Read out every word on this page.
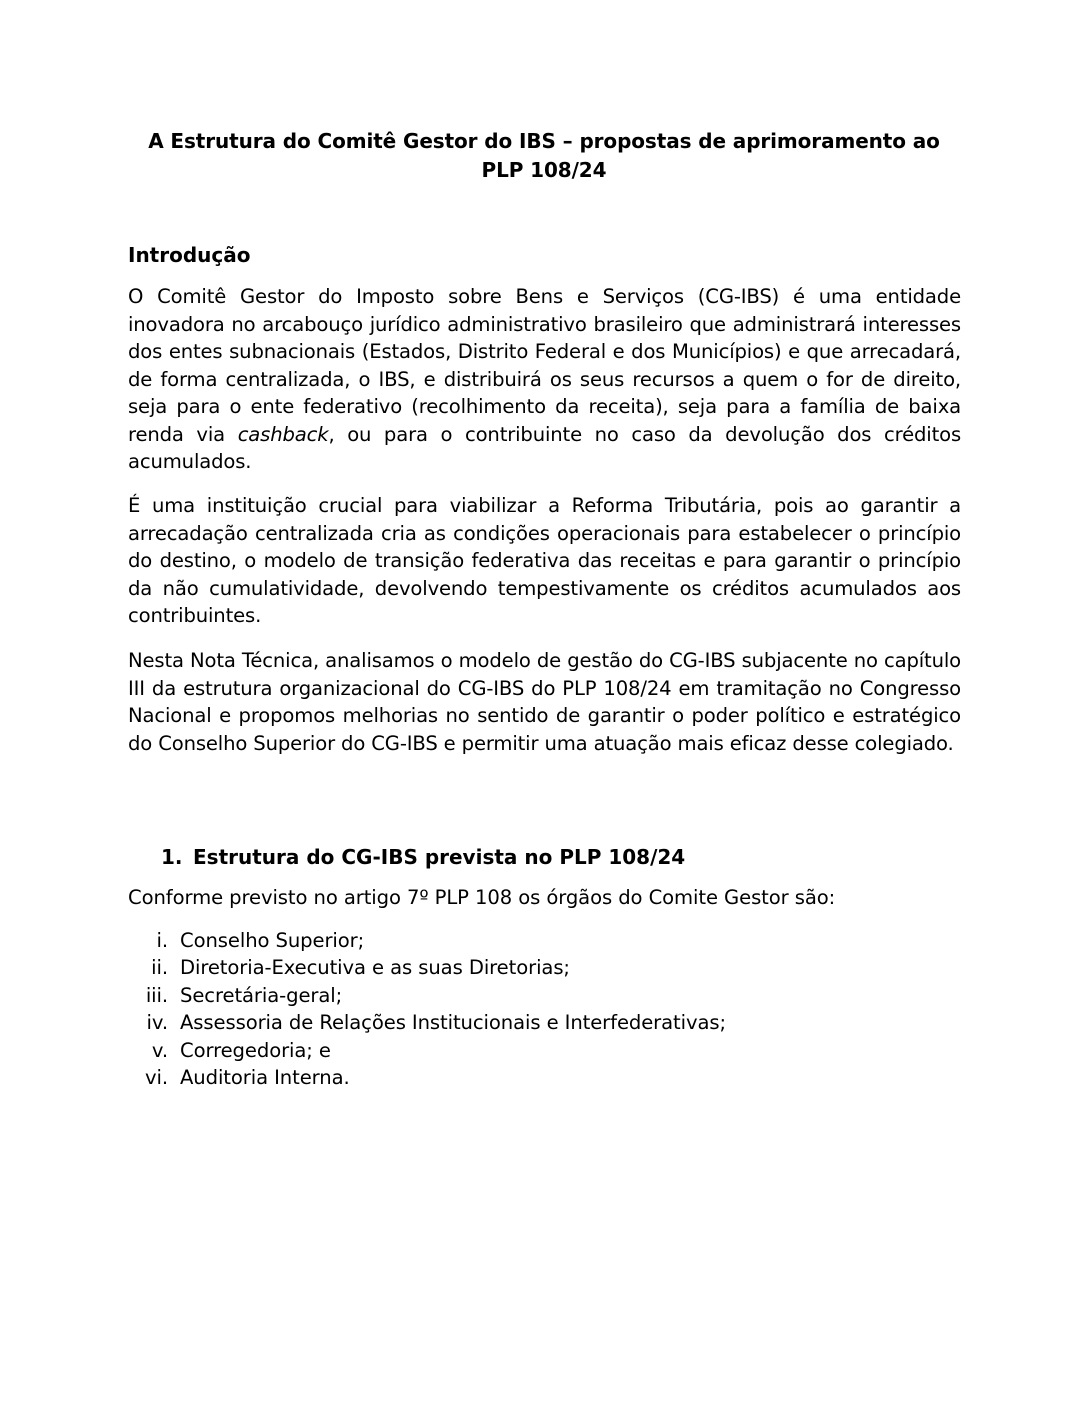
A Estrutura do Comitê Gestor do IBS – propostas de aprimoramento ao PLP 108/24
Introdução

O Comitê Gestor do Imposto sobre Bens e Serviços (CG-IBS) é uma entidade inovadora no arcabouço jurídico administrativo brasileiro que administrará interesses dos entes subnacionais (Estados, Distrito Federal e dos Municípios) e que arrecadará, de forma centralizada, o IBS, e distribuirá os seus recursos a quem o for de direito, seja para o ente federativo (recolhimento da receita), seja para a família de baixa renda via cashback, ou para o contribuinte no caso da devolução dos créditos acumulados.

É uma instituição crucial para viabilizar a Reforma Tributária, pois ao garantir a arrecadação centralizada cria as condições operacionais para estabelecer o princípio do destino, o modelo de transição federativa das receitas e para garantir o princípio da não cumulatividade, devolvendo tempestivamente os créditos acumulados aos contribuintes.

Nesta Nota Técnica, analisamos o modelo de gestão do CG-IBS subjacente no capítulo III da estrutura organizacional do CG-IBS do PLP 108/24 em tramitação no Congresso Nacional e propomos melhorias no sentido de garantir o poder político e estratégico do Conselho Superior do CG-IBS e permitir uma atuação mais eficaz desse colegiado.

1. Estrutura do CG-IBS prevista no PLP 108/24

Conforme previsto no artigo 7º PLP 108 os órgãos do Comite Gestor são:

i. Conselho Superior;
ii. Diretoria-Executiva e as suas Diretorias;
iii. Secretária-geral;
iv. Assessoria de Relações Institucionais e Interfederativas;
v. Corregedoria; e
vi. Auditoria Interna.
